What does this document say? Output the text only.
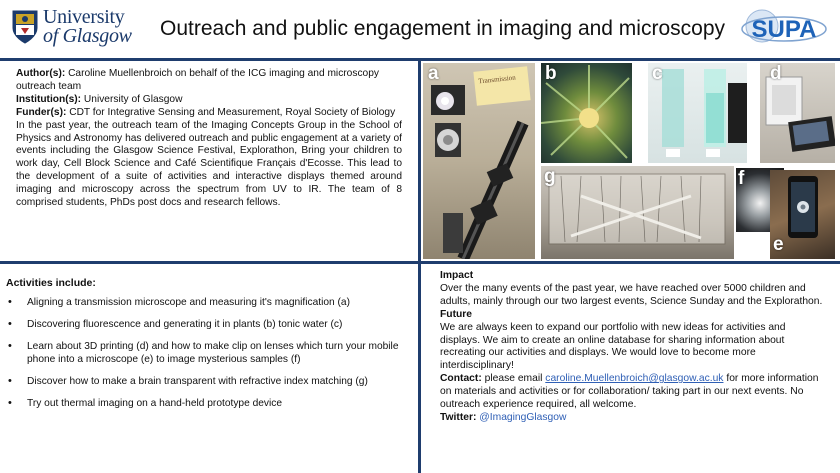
University
of Glasgow Outreach and public engagement in imaging and microscopy SUPA

Author(s): Caroline Muellenbroich on behalf of the ICG imaging and microscopy outreach team

Institution(s): University of Glasgow

Funder(s): CDT for Integrative Sensing and Measurement, Royal Society of Biology

In the past year, the outreach team of the Imaging Concepts Group in the School of Physics and Astronomy has delivered outreach and public engagement at a variety of events including the Glasgow Science Festival, Explorathon, Bring your children to work day, Cell Block Science and Café Scientifique Français d'Ecosse. This lead to the development of a suite of activities and interactive displays themed around imaging and microscopy across the spectrum from UV to IR. The team of 8 comprised students, PhDs post docs and research fellows.

Transmission
a	b	c	d
g	f
e
Activities include:
• Aligning a transmission microscope and measuring it's magnification (a)
• Discovering fluorescence and generating it in plants (b) tonic water (c)
• Learn about 3D printing (d) and how to make clip on lenses which turn your mobile phone into a microscope (e) to image mysterious samples (f)
• Discover how to make a brain transparent with refractive index matching (g)
• Try out thermal imaging on a hand-held prototype device
Impact

Over the many events of the past year, we have reached over 5000 children and adults, mainly through our two largest events, Science Sunday and the Explorathon.

Future

We are always keen to expand our portfolio with new ideas for activities and displays. We aim to create an online database for sharing information about recreating our activities and displays. We would love to become more interdisciplinary!

Contact: please email caroline.Muellenbroich@glasgow.ac.uk for more information on materials and activities or for collaboration/ taking part in our next events. No outreach experience required, all welcome.

Twitter: @ImagingGlasgow
